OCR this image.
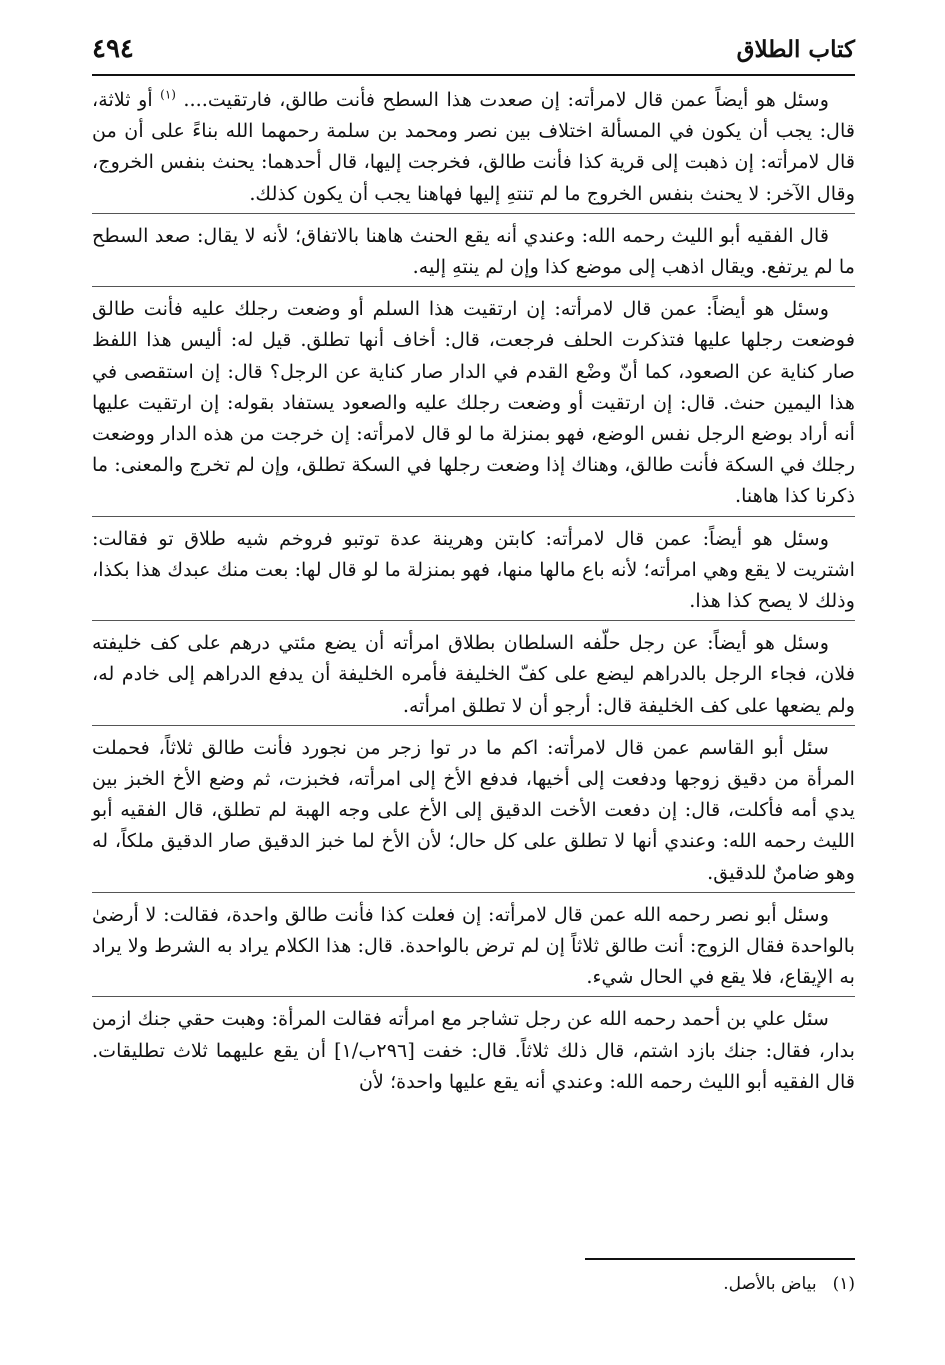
كتاب الطلاق
٤٩٤

وسئل هو أيضاً عمن قال لامرأته: إن صعدت هذا السطح فأنت طالق، فارتقيت.... $^{(١)}$ أو ثلاثة، قال: يجب أن يكون في المسألة اختلاف بين نصر ومحمد بن سلمة رحمهما الله بناءً على أن من قال لامرأته: إن ذهبت إلى قرية كذا فأنت طالق، فخرجت إليها، قال أحدهما: يحنث بنفس الخروج، وقال الآخر: لا يحنث بنفس الخروج ما لم تنتهِ إليها فهاهنا يجب أن يكون كذلك.

قال الفقيه أبو الليث رحمه الله: وعندي أنه يقع الحنث هاهنا بالاتفاق؛ لأنه لا يقال: صعد السطح ما لم يرتفع. ويقال اذهب إلى موضع كذا وإن لم ينتهِ إليه.

وسئل هو أيضاً: عمن قال لامرأته: إن ارتقيت هذا السلم أو وضعت رجلك عليه فأنت طالق فوضعت رجلها عليها فتذكرت الحلف فرجعت، قال: أخاف أنها تطلق. قيل له: أليس هذا اللفظ صار كناية عن الصعود، كما أنّ وضْع القدم في الدار صار كناية عن الرجل؟ قال: إن استقصى في هذا اليمين حنث. قال: إن ارتقيت أو وضعت رجلك عليه والصعود يستفاد بقوله: إن ارتقيت عليها أنه أراد بوضع الرجل نفس الوضع، فهو بمنزلة ما لو قال لامرأته: إن خرجت من هذه الدار ووضعت رجلك في السكة فأنت طالق، وهناك إذا وضعت رجلها في السكة تطلق، وإن لم تخرج والمعنى: ما ذكرنا كذا هاهنا.

وسئل هو أيضاً: عمن قال لامرأته: كابتن وهرينة عدة توتبو فروخم شيه طلاق تو فقالت: اشتريت لا يقع وهي امرأته؛ لأنه باع مالها منها، فهو بمنزلة ما لو قال لها: بعت منك عبدك هذا بكذا، وذلك لا يصح كذا هذا.

وسئل هو أيضاً: عن رجل حلّفه السلطان بطلاق امرأته أن يضع مئتي درهم على كف خليفته فلان، فجاء الرجل بالدراهم ليضع على كفّ الخليفة فأمره الخليفة أن يدفع الدراهم إلى خادم له، ولم يضعها على كف الخليفة قال: أرجو أن لا تطلق امرأته.

سئل أبو القاسم عمن قال لامرأته: اكم ما در توا زجر من نجورد فأنت طالق ثلاثاً، فحملت المرأة من دقيق زوجها ودفعت إلى أخيها، فدفع الأخ إلى امرأته، فخبزت، ثم وضع الأخ الخبز بين يدي أمه فأكلت، قال: إن دفعت الأخت الدقيق إلى الأخ على وجه الهبة لم تطلق، قال الفقيه أبو الليث رحمه الله: وعندي أنها لا تطلق على كل حال؛ لأن الأخ لما خبز الدقيق صار الدقيق ملكاً، له وهو ضامنٌ للدقيق.

وسئل أبو نصر رحمه الله عمن قال لامرأته: إن فعلت كذا فأنت طالق واحدة، فقالت: لا أرضىٰ بالواحدة فقال الزوج: أنت طالق ثلاثاً إن لم ترض بالواحدة. قال: هذا الكلام يراد به الشرط ولا يراد به الإيقاع، فلا يقع في الحال شيء.

سئل علي بن أحمد رحمه الله عن رجل تشاجر مع امرأته فقالت المرأة: وهبت حقي جنك ازمن بدار، فقال: جنك بازد اشتم، قال ذلك ثلاثاً. قال: خفت [٢٩٦ب/١] أن يقع عليهما ثلاث تطليقات. قال الفقيه أبو الليث رحمه الله: وعندي أنه يقع عليها واحدة؛ لأن

(١)
بياض بالأصل.
